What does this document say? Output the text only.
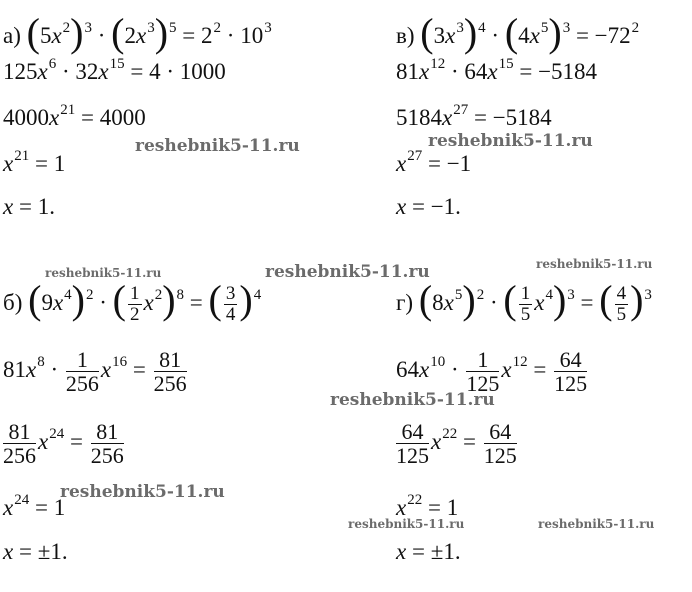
а) $(5x^2)^3 \cdot (2x^3)^5 = 2^2 \cdot 10^3$
$125x^6 \cdot 32x^{15} = 4 \cdot 1000$
$4000x^{21} = 4000$
$x^{21} = 1$
x = 1.
в) $(3x^3)^4 \cdot (4x^5)^3 = -72^2$
$81x^{12} \cdot 64x^{15} = -5184$
$5184x^{27} = -5184$
$x^{27} = -1$
x = −1.
б) $(9x^4)^2$ · ( $\frac{1}{2} x^2)^8$ = ( $\frac{3}{4} )^4$
$81x^8 \cdot \frac{1}{256} x^{16} = \frac{81}{256}$
$\frac{81}{256} x^{24} = \frac{81}{256}$
$x^{24} = 1$
x = ±1.
г) $(8x^5)^2$ · ( $\frac{1}{5} x^4)^3$ = ( $\frac{4}{5} )^3$
$64x^{10} \cdot \frac{1}{125} x^{12} = \frac{64}{125}$
$\frac{64}{125} x^{22} = \frac{64}{125}$
$x^{22} = 1$
x = ±1.
reshebnik5-11.ru	reshebnik5-11.ru
reshebnik5-11.ru	reshebnik5-11.ru	reshebnik5-11.ru
reshebnik5-11.ru
reshebnik5-11.ru
reshebnik5-11.ru	reshebnik5-11.ru
